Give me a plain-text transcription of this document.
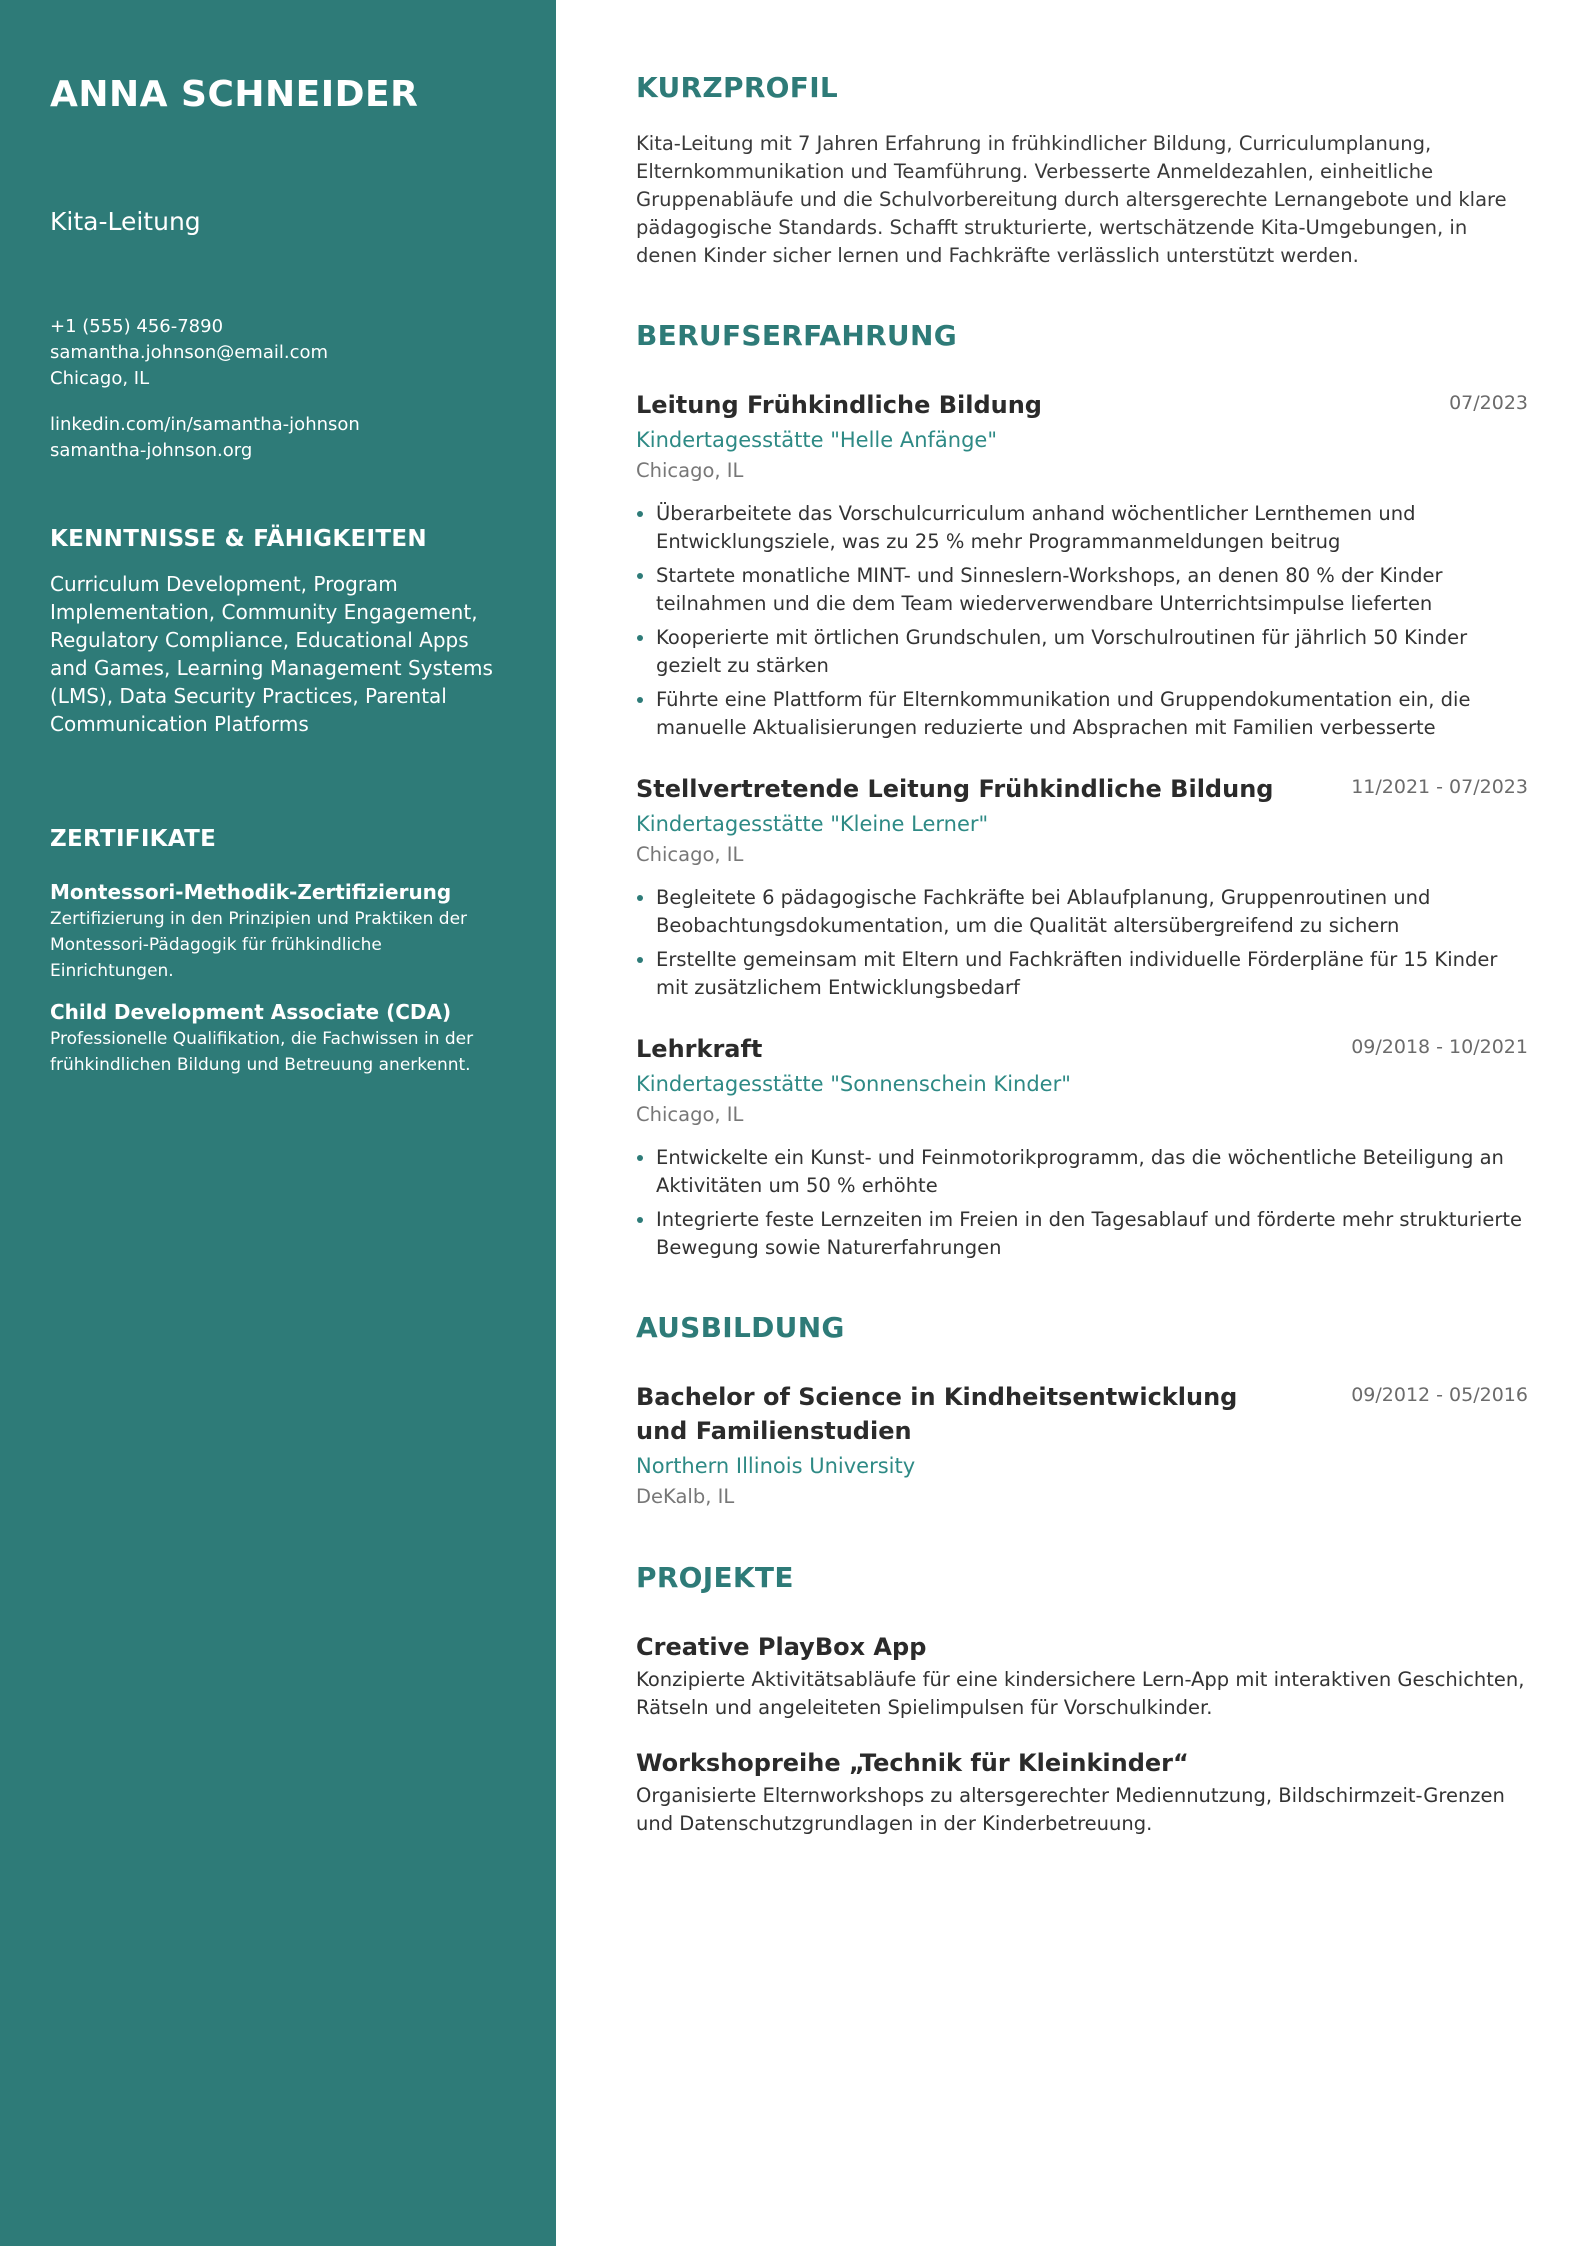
ANNA SCHNEIDER
Kita-Leitung
+1 (555) 456-7890
samantha.johnson@email.com
Chicago, IL
linkedin.com/in/samantha-johnson
samantha-johnson.org
KENNTNISSE & FÄHIGKEITEN
Curriculum Development, Program Implementation, Community Engagement, Regulatory Compliance, Educational Apps and Games, Learning Management Systems (LMS), Data Security Practices, Parental Communication Platforms
ZERTIFIKATE
Montessori-Methodik-Zertifizierung
Zertifizierung in den Prinzipien und Praktiken der Montessori-Pädagogik für frühkindliche Einrichtungen.
Child Development Associate (CDA)
Professionelle Qualifikation, die Fachwissen in der frühkindlichen Bildung und Betreuung anerkennt.
KURZPROFIL

Kita-Leitung mit 7 Jahren Erfahrung in frühkindlicher Bildung, Curriculumplanung, Elternkommunikation und Teamführung. Verbesserte Anmeldezahlen, einheitliche Gruppenabläufe und die Schulvorbereitung durch altersgerechte Lernangebote und klare pädagogische Standards. Schafft strukturierte, wertschätzende Kita-Umgebungen, in denen Kinder sicher lernen und Fachkräfte verlässlich unterstützt werden.

BERUFSERFAHRUNG
Leitung Frühkindliche Bildung	07/2023
Kindertagesstätte "Helle Anfänge"
Chicago, IL
Überarbeitete das Vorschulcurriculum anhand wöchentlicher Lernthemen und Entwicklungsziele, was zu 25 % mehr Programmanmeldungen beitrug
Startete monatliche MINT- und Sinneslern-Workshops, an denen 80 % der Kinder teilnahmen und die dem Team wiederverwendbare Unterrichtsimpulse lieferten
Kooperierte mit örtlichen Grundschulen, um Vorschulroutinen für jährlich 50 Kinder gezielt zu stärken
Führte eine Plattform für Elternkommunikation und Gruppendokumentation ein, die manuelle Aktualisierungen reduzierte und Absprachen mit Familien verbesserte
Stellvertretende Leitung Frühkindliche Bildung	11/2021 - 07/2023
Kindertagesstätte "Kleine Lerner"
Chicago, IL
Begleitete 6 pädagogische Fachkräfte bei Ablaufplanung, Gruppenroutinen und Beobachtungsdokumentation, um die Qualität altersübergreifend zu sichern
Erstellte gemeinsam mit Eltern und Fachkräften individuelle Förderpläne für 15 Kinder mit zusätzlichem Entwicklungsbedarf
Lehrkraft	09/2018 - 10/2021
Kindertagesstätte "Sonnenschein Kinder"
Chicago, IL
Entwickelte ein Kunst- und Feinmotorikprogramm, das die wöchentliche Beteiligung an Aktivitäten um 50 % erhöhte
Integrierte feste Lernzeiten im Freien in den Tagesablauf und förderte mehr strukturierte Bewegung sowie Naturerfahrungen
AUSBILDUNG
Bachelor of Science in Kindheitsentwicklung und Familienstudien
09/2012 - 05/2016
Northern Illinois University
DeKalb, IL
PROJEKTE
Creative PlayBox App
Konzipierte Aktivitätsabläufe für eine kindersichere Lern-App mit interaktiven Geschichten, Rätseln und angeleiteten Spielimpulsen für Vorschulkinder.
Workshopreihe „Technik für Kleinkinder“
Organisierte Elternworkshops zu altersgerechter Mediennutzung, Bildschirmzeit-Grenzen und Datenschutzgrundlagen in der Kinderbetreuung.
